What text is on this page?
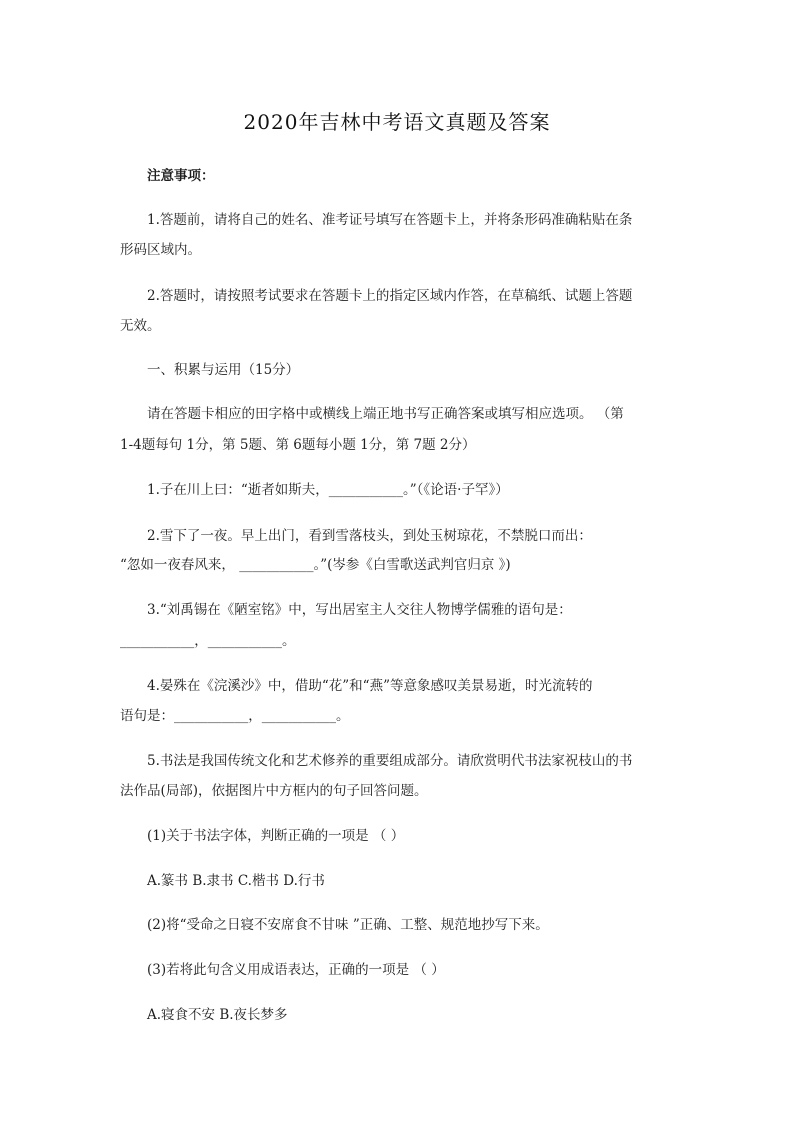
2020年吉林中考语文真题及答案
注意事项：
1.答题前，请将自己的姓名、准考证号填写在答题卡上，并将条形码准确粘贴在条
形码区域内。
2.答题时，请按照考试要求在答题卡上的指定区域内作答，在草稿纸、试题上答题
无效。
一、积累与运用（15分）
请在答题卡相应的田字格中或横线上端正地书写正确答案或填写相应选项。 （第
1-4题每句 1分，第 5题、第 6题每小题 1分，第 7题 2分）
1.子在川上曰：“逝者如斯夫，___________。”（《论语·子罕》）
2.雪下了一夜。早上出门，看到雪落枝头，到处玉树琼花，不禁脱口而出：
“忽如一夜春风来， ___________。”(岑参《白雪歌送武判官归京 》)
3.“刘禹锡在《陋室铭》中，写出居室主人交往人物博学儒雅的语句是：
___________，___________。
4.晏殊在《浣溪沙》中，借助“花”和“燕”等意象感叹美景易逝，时光流转的
语句是：___________，___________。
5.书法是我国传统文化和艺术修养的重要组成部分。请欣赏明代书法家祝枝山的书
法作品(局部)，依据图片中方框内的句子回答问题。
(1)关于书法字体，判断正确的一项是 （ ）
A.篆书 B.隶书 C.楷书 D.行书
(2)将“受命之日寝不安席食不甘味 ”正确、工整、规范地抄写下来。
(3)若将此句含义用成语表达，正确的一项是 （ ）
A.寝食不安 B.夜长梦多
